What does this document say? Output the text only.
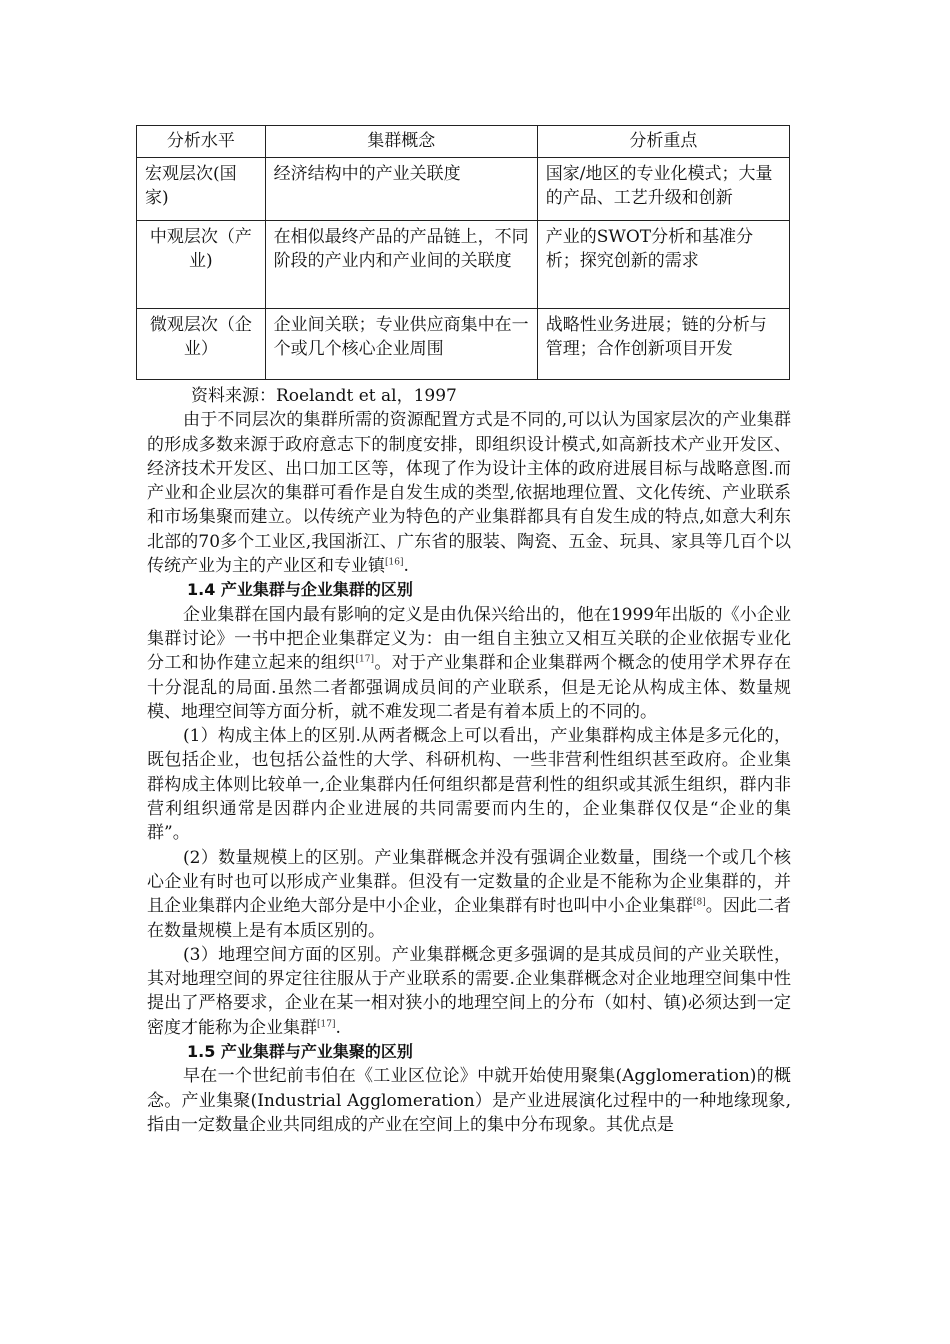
分析水平	集群概念	分析重点
宏观层次(国家)	经济结构中的产业关联度	国家/地区的专业化模式；大量的产品、工艺升级和创新
中观层次（产业)	在相似最终产品的产品链上，不同阶段的产业内和产业间的关联度	产业的SWOT分析和基准分析；探究创新的需求
微观层次（企业）	企业间关联；专业供应商集中在一个或几个核心企业周围	战略性业务进展；链的分析与管理；合作创新项目开发

资料来源：Roelandt et al，1997

由于不同层次的集群所需的资源配置方式是不同的,可以认为国家层次的产业集群的形成多数来源于政府意志下的制度安排，即组织设计模式,如高新技术产业开发区、经济技术开发区、出口加工区等，体现了作为设计主体的政府进展目标与战略意图.而产业和企业层次的集群可看作是自发生成的类型,依据地理位置、文化传统、产业联系和市场集聚而建立。以传统产业为特色的产业集群都具有自发生成的特点,如意大利东北部的70多个工业区,我国浙江、广东省的服装、陶瓷、五金、玩具、家具等几百个以传统产业为主的产业区和专业镇[16].

1.4 产业集群与企业集群的区别

企业集群在国内最有影响的定义是由仇保兴给出的，他在1999年出版的《小企业集群讨论》一书中把企业集群定义为：由一组自主独立又相互关联的企业依据专业化分工和协作建立起来的组织[17]。对于产业集群和企业集群两个概念的使用学术界存在十分混乱的局面.虽然二者都强调成员间的产业联系，但是无论从构成主体、数量规模、地理空间等方面分析，就不难发现二者是有着本质上的不同的。

(1）构成主体上的区别.从两者概念上可以看出，产业集群构成主体是多元化的，既包括企业，也包括公益性的大学、科研机构、一些非营利性组织甚至政府。企业集群构成主体则比较单一,企业集群内任何组织都是营利性的组织或其派生组织，群内非营利组织通常是因群内企业进展的共同需要而内生的，企业集群仅仅是“企业的集群”。

(2）数量规模上的区别。产业集群概念并没有强调企业数量，围绕一个或几个核心企业有时也可以形成产业集群。但没有一定数量的企业是不能称为企业集群的，并且企业集群内企业绝大部分是中小企业，企业集群有时也叫中小企业集群[8]。因此二者在数量规模上是有本质区别的。

(3）地理空间方面的区别。产业集群概念更多强调的是其成员间的产业关联性，其对地理空间的界定往往服从于产业联系的需要.企业集群概念对企业地理空间集中性提出了严格要求，企业在某一相对狭小的地理空间上的分布（如村、镇)必须达到一定密度才能称为企业集群[17].

1.5 产业集群与产业集聚的区别

早在一个世纪前韦伯在《工业区位论》中就开始使用聚集(Agglomeration)的概念。产业集聚(Industrial Agglomeration）是产业进展演化过程中的一种地缘现象,指由一定数量企业共同组成的产业在空间上的集中分布现象。其优点是
